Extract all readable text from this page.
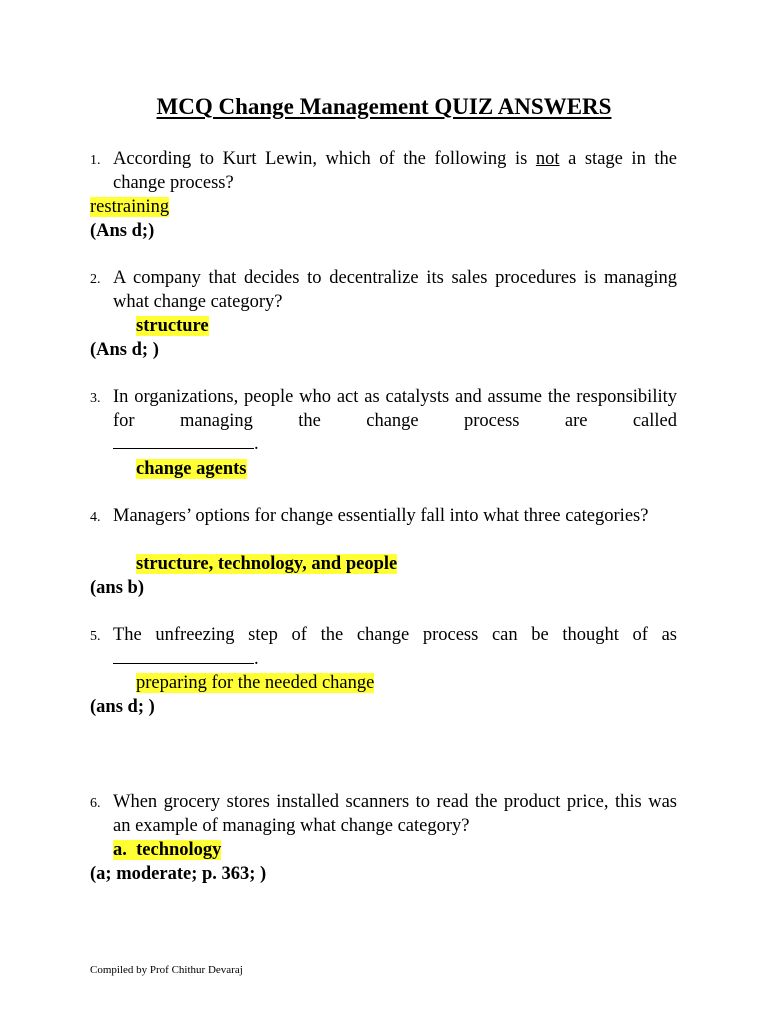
MCQ Change Management QUIZ ANSWERS
1. According to Kurt Lewin, which of the following is not a stage in the change process?
restraining
(Ans d;)
2. A company that decides to decentralize its sales procedures is managing what change category?
structure
(Ans d; )
3. In organizations, people who act as catalysts and assume the responsibility for managing the change process are called
.
change agents
4. Managers’ options for change essentially fall into what three categories?
structure, technology, and people
(ans b)
5. The unfreezing step of the change process can be thought of as
.
preparing for the needed change
(ans d; )
6. When grocery stores installed scanners to read the product price, this was an example of managing what change category?
a.  technology
(a; moderate; p. 363; )
Compiled by Prof Chithur Devaraj
